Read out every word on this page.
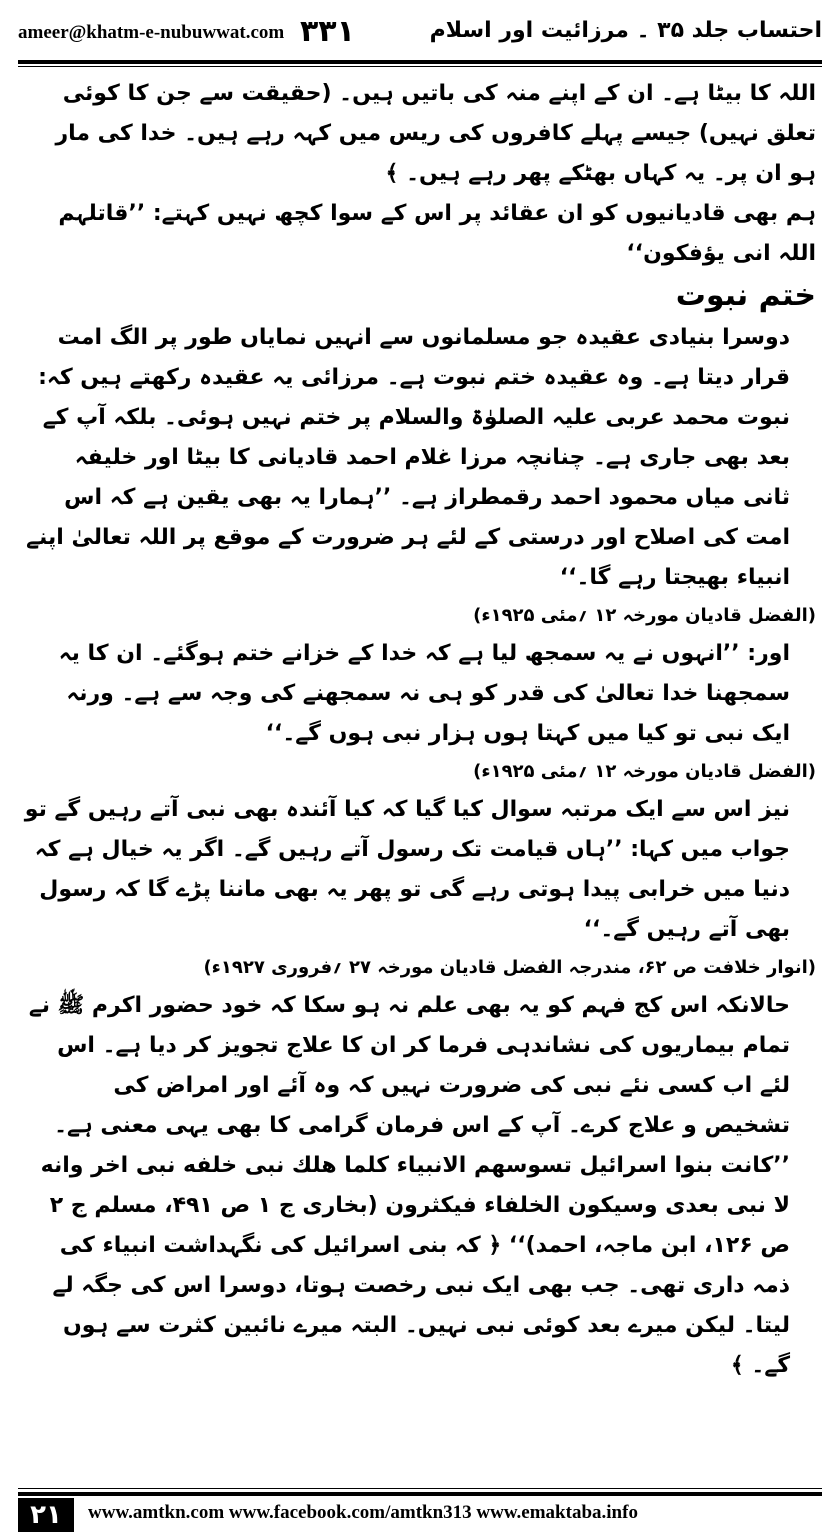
ameer@khatm-e-nubuwwat.com ۳۳۱	احتساب جلد ۳۵ ۔ مرزائیت اور اسلام

اللہ کا بیٹا ہے۔ ان کے اپنے منہ کی باتیں ہیں۔ (حقیقت سے جن کا کوئی تعلق نہیں) جیسے پہلے کافروں کی ریس میں کہہ رہے ہیں۔ خدا کی مار ہو ان پر۔ یہ کہاں بھٹکے پھر رہے ہیں۔ ﴾

ہم بھی قادیانیوں کو ان عقائد پر اس کے سوا کچھ نہیں کہتے: ’’قاتلہم اللہ انی یؤفکون‘‘

ختم نبوت

دوسرا بنیادی عقیدہ جو مسلمانوں سے انہیں نمایاں طور پر الگ امت قرار دیتا ہے۔ وہ عقیدہ ختم نبوت ہے۔ مرزائی یہ عقیدہ رکھتے ہیں کہ:

نبوت محمد عربی علیہ الصلوٰۃ والسلام پر ختم نہیں ہوئی۔ بلکہ آپ کے بعد بھی جاری ہے۔ چنانچہ مرزا غلام احمد قادیانی کا بیٹا اور خلیفہ ثانی میاں محمود احمد رقمطراز ہے۔ ’’ہمارا یہ بھی یقین ہے کہ اس امت کی اصلاح اور درستی کے لئے ہر ضرورت کے موقع پر اللہ تعالیٰ اپنے انبیاء بھیجتا رہے گا۔‘‘

(الفضل قادیان مورخہ ۱۲ ؍مئی ۱۹۲۵ء)

اور: ’’انہوں نے یہ سمجھ لیا ہے کہ خدا کے خزانے ختم ہوگئے۔ ان کا یہ سمجھنا خدا تعالیٰ کی قدر کو ہی نہ سمجھنے کی وجہ سے ہے۔ ورنہ ایک نبی تو کیا میں کہتا ہوں ہزار نبی ہوں گے۔‘‘

(الفضل قادیان مورخہ ۱۲ ؍مئی ۱۹۲۵ء)

نیز اس سے ایک مرتبہ سوال کیا گیا کہ کیا آئندہ بھی نبی آتے رہیں گے تو جواب میں کہا: ’’ہاں قیامت تک رسول آتے رہیں گے۔ اگر یہ خیال ہے کہ دنیا میں خرابی پیدا ہوتی رہے گی تو پھر یہ بھی ماننا پڑے گا کہ رسول بھی آتے رہیں گے۔‘‘

(انوار خلافت ص ۶۲، مندرجہ الفضل قادیان مورخہ ۲۷ ؍فروری ۱۹۲۷ء)

حالانکہ اس کج فہم کو یہ بھی علم نہ ہو سکا کہ خود حضور اکرم ﷺ نے تمام بیماریوں کی نشاندہی فرما کر ان کا علاج تجویز کر دیا ہے۔ اس لئے اب کسی نئے نبی کی ضرورت نہیں کہ وہ آئے اور امراض کی تشخیص و علاج کرے۔ آپ کے اس فرمان گرامی کا بھی یہی معنی ہے۔ ’’کانت بنوا اسرائیل تسوسهم الانبياء كلما هلك نبى خلفه نبى اخر وانه لا نبى بعدى وسيكون الخلفاء فيكثرون (بخاری ج ۱ ص ۴۹۱، مسلم ج ۲ ص ۱۲۶، ابن ماجہ، احمد)‘‘ ﴿ کہ بنی اسرائیل کی نگہداشت انبیاء کی ذمہ داری تھی۔ جب بھی ایک نبی رخصت ہوتا، دوسرا اس کی جگہ لے لیتا۔ لیکن میرے بعد کوئی نبی نہیں۔ البتہ میرے نائبین کثرت سے ہوں گے۔ ﴾

۲۱	www.amtkn.com www.facebook.com/amtkn313 www.emaktaba.info
